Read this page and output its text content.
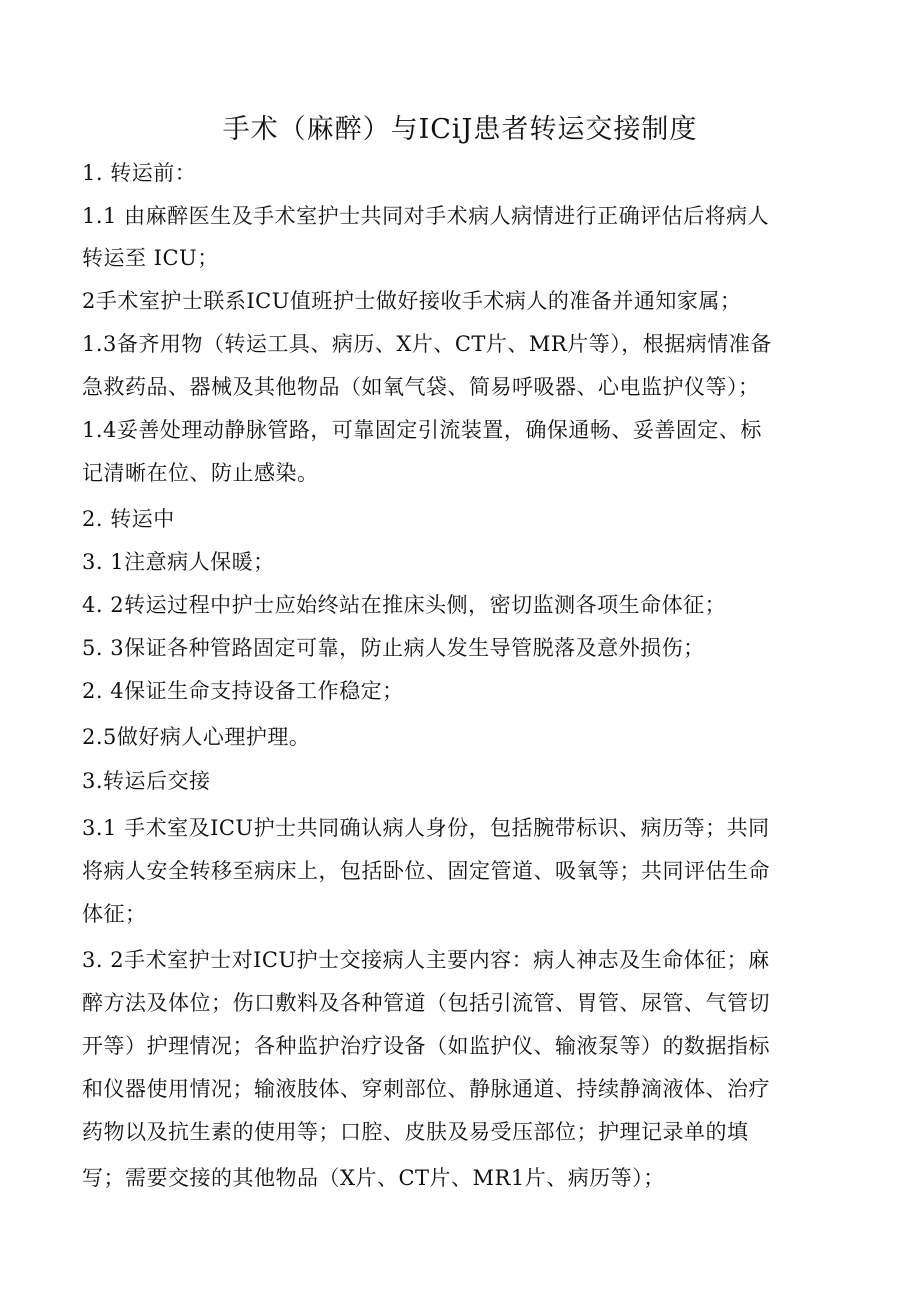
手术（麻醉）与ICiJ患者转运交接制度
1. 转运前：
1.1 由麻醉医生及手术室护士共同对手术病人病情进行正确评估后将病人
转运至 ICU；
2手术室护士联系ICU值班护士做好接收手术病人的准备并通知家属；
1.3备齐用物（转运工具、病历、X片、CT片、MR片等），根据病情准备
急救药品、器械及其他物品（如氧气袋、简易呼吸器、心电监护仪等）；
1.4妥善处理动静脉管路，可靠固定引流装置，确保通畅、妥善固定、标
记清晰在位、防止感染。
2. 转运中
3. 1注意病人保暖；
4. 2转运过程中护士应始终站在推床头侧，密切监测各项生命体征；
5. 3保证各种管路固定可靠，防止病人发生导管脱落及意外损伤；
2. 4保证生命支持设备工作稳定；
2.5做好病人心理护理。
3.转运后交接
3.1 手术室及ICU护士共同确认病人身份，包括腕带标识、病历等；共同
将病人安全转移至病床上，包括卧位、固定管道、吸氧等；共同评估生命
体征；
3. 2手术室护士对ICU护士交接病人主要内容：病人神志及生命体征；麻
醉方法及体位；伤口敷料及各种管道（包括引流管、胃管、尿管、气管切
开等）护理情况；各种监护治疗设备（如监护仪、输液泵等）的数据指标
和仪器使用情况；输液肢体、穿刺部位、静脉通道、持续静滴液体、治疗
药物以及抗生素的使用等；口腔、皮肤及易受压部位；护理记录单的填
写；需要交接的其他物品（X片、CT片、MR1片、病历等）；
